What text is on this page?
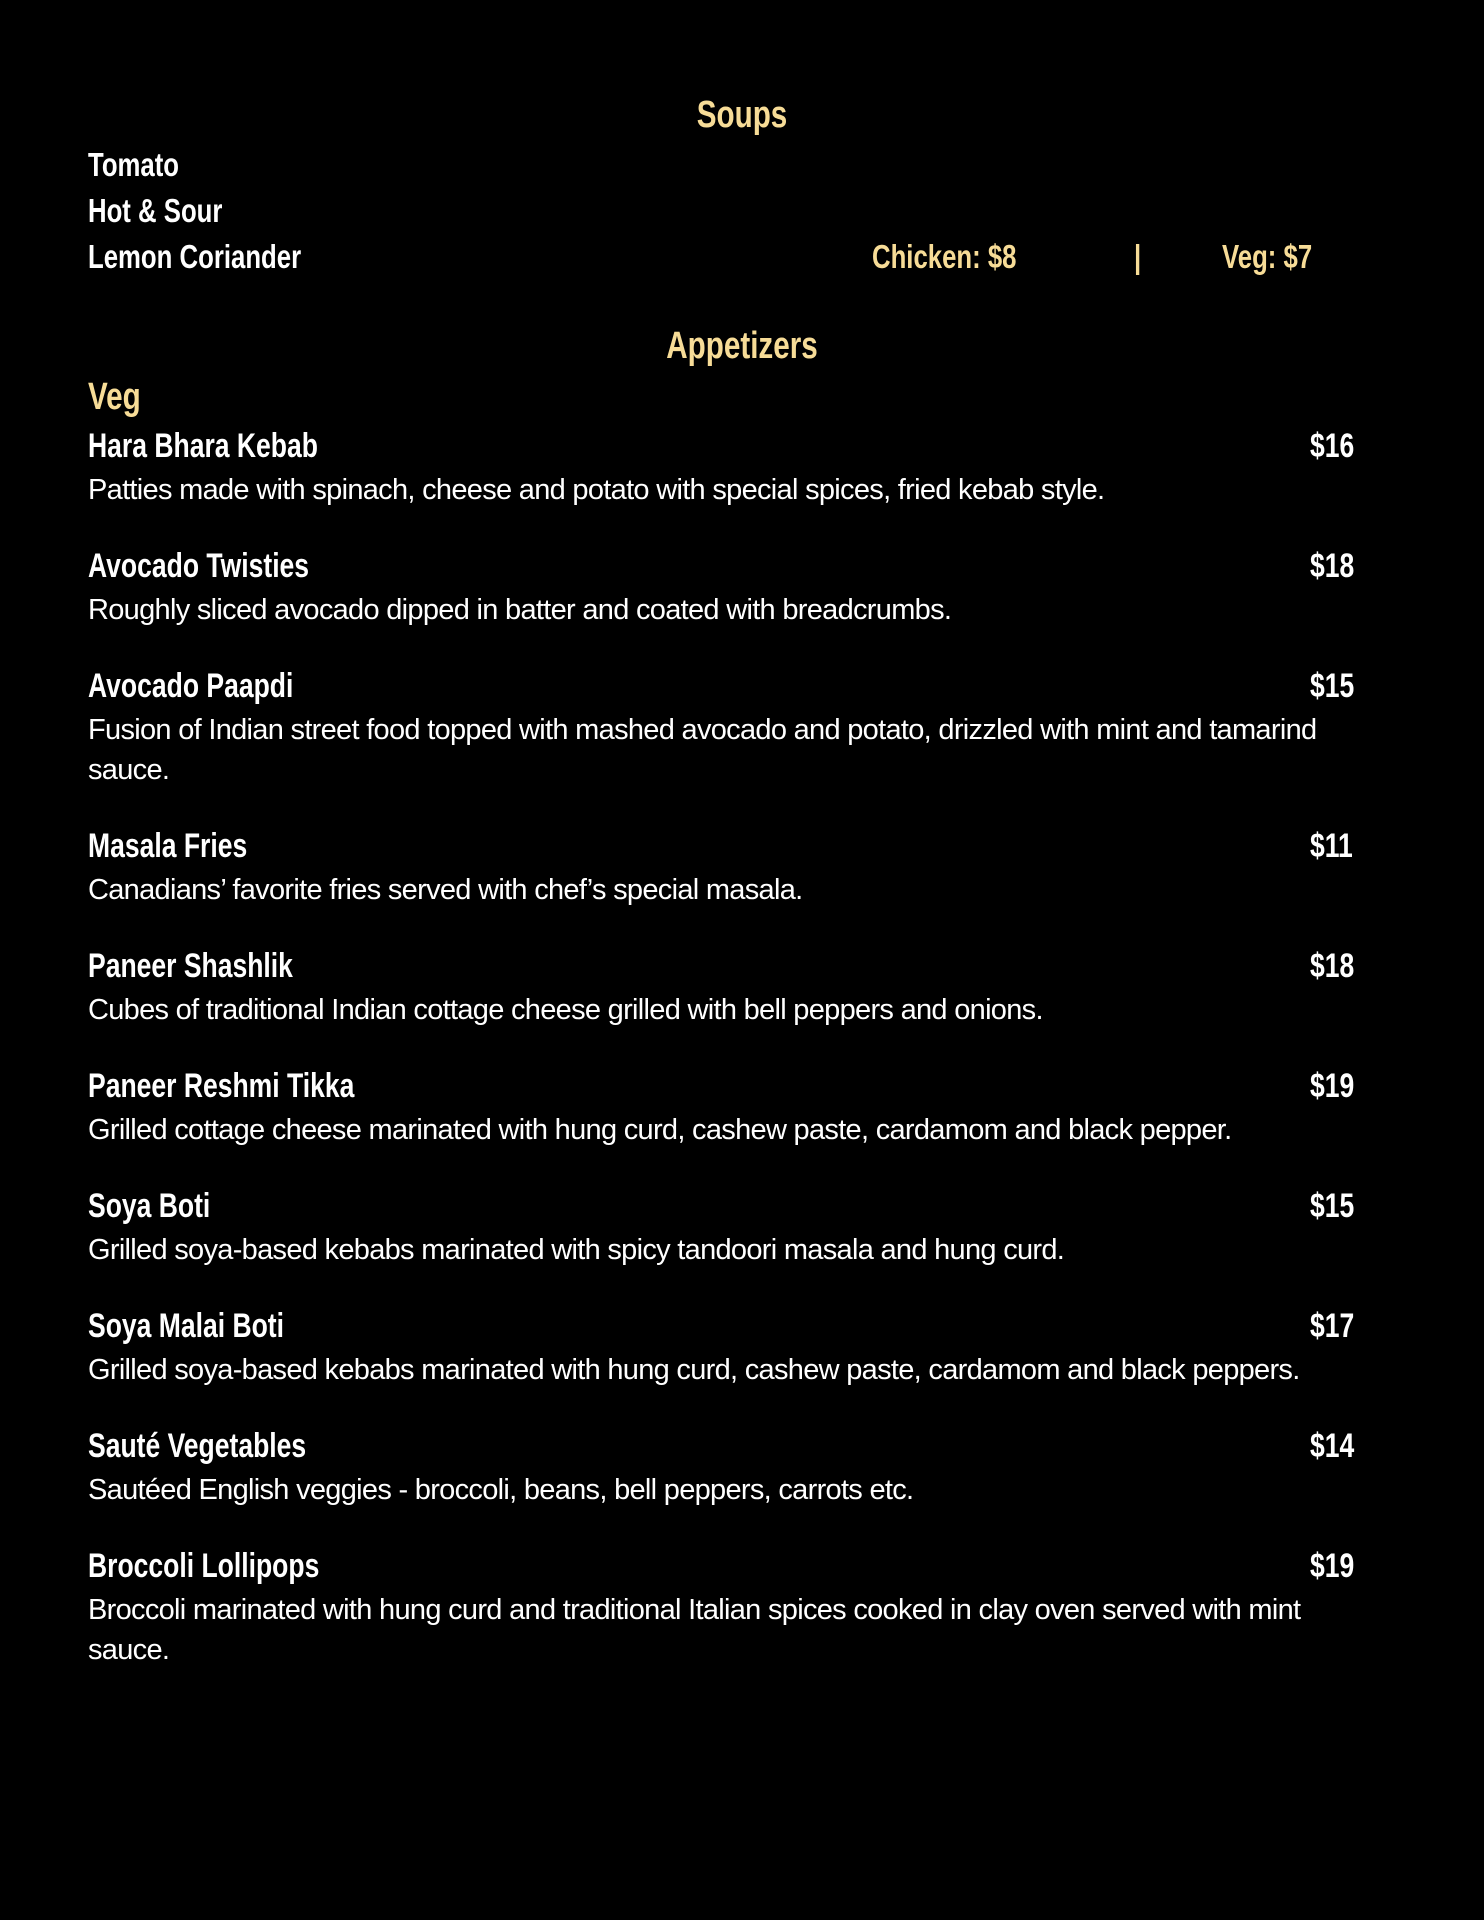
Soups
Tomato
Hot & Sour
Lemon Coriander	Chicken: $8	| Veg: $7
Appetizers
Veg
Hara Bhara Kebab	$16
Patties made with spinach, cheese and potato with special spices, fried kebab style.
Avocado Twisties	$18
Roughly sliced avocado dipped in batter and coated with breadcrumbs.
Avocado Paapdi	$15
Fusion of Indian street food topped with mashed avocado and potato, drizzled with mint and tamarind sauce.
Masala Fries	$11
Canadians’ favorite fries served with chef’s special masala.
Paneer Shashlik	$18
Cubes of traditional Indian cottage cheese grilled with bell peppers and onions.
Paneer Reshmi Tikka	$19
Grilled cottage cheese marinated with hung curd, cashew paste, cardamom and black pepper.
Soya Boti	$15
Grilled soya-based kebabs marinated with spicy tandoori masala and hung curd.
Soya Malai Boti	$17
Grilled soya-based kebabs marinated with hung curd, cashew paste, cardamom and black peppers.
Sauté Vegetables	$14
Sautéed English veggies - broccoli, beans, bell peppers, carrots etc.
Broccoli Lollipops	$19
Broccoli marinated with hung curd and traditional Italian spices cooked in clay oven served with mint sauce.
